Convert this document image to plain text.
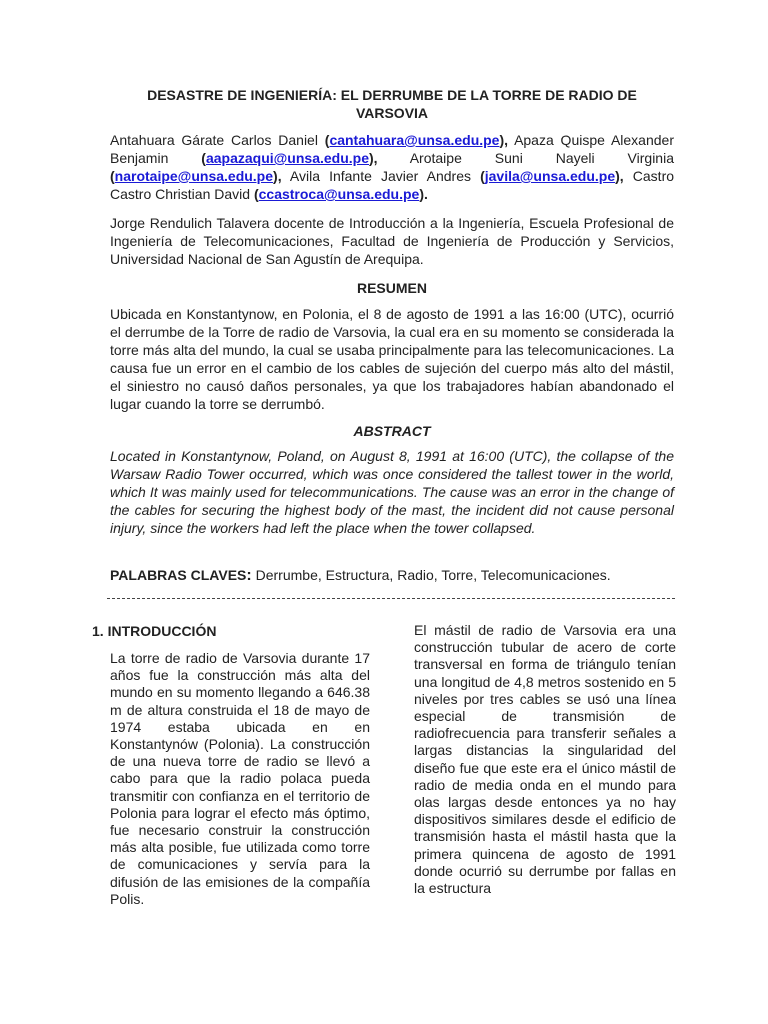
DESASTRE DE INGENIERÍA: EL DERRUMBE DE LA TORRE DE RADIO DE VARSOVIA
Antahuara Gárate Carlos Daniel (cantahuara@unsa.edu.pe), Apaza Quispe Alexander Benjamin (aapazaqui@unsa.edu.pe), Arotaipe Suni Nayeli Virginia (narotaipe@unsa.edu.pe), Avila Infante Javier Andres (javila@unsa.edu.pe), Castro Castro Christian David (ccastroca@unsa.edu.pe).
Jorge Rendulich Talavera docente de Introducción a la Ingeniería, Escuela Profesional de Ingeniería de Telecomunicaciones, Facultad de Ingeniería de Producción y Servicios, Universidad Nacional de San Agustín de Arequipa.
RESUMEN
Ubicada en Konstantynow, en Polonia, el 8 de agosto de 1991 a las 16:00 (UTC), ocurrió el derrumbe de la Torre de radio de Varsovia, la cual era en su momento se considerada la torre más alta del mundo, la cual se usaba principalmente para las telecomunicaciones. La causa fue un error en el cambio de los cables de sujeción del cuerpo más alto del mástil, el siniestro no causó daños personales, ya que los trabajadores habían abandonado el lugar cuando la torre se derrumbó.
ABSTRACT
Located in Konstantynow, Poland, on August 8, 1991 at 16:00 (UTC), the collapse of the Warsaw Radio Tower occurred, which was once considered the tallest tower in the world, which It was mainly used for telecommunications. The cause was an error in the change of the cables for securing the highest body of the mast, the incident did not cause personal injury, since the workers had left the place when the tower collapsed.
PALABRAS CLAVES: Derrumbe, Estructura, Radio, Torre, Telecomunicaciones.
1. INTRODUCCIÓN
La torre de radio de Varsovia durante 17 años fue la construcción más alta del mundo en su momento llegando a 646.38 m de altura construida el 18 de mayo de 1974 estaba ubicada en en Konstantynów (Polonia). La construcción de una nueva torre de radio se llevó a cabo para que la radio polaca pueda transmitir con confianza en el territorio de Polonia para lograr el efecto más óptimo, fue necesario construir la construcción más alta posible, fue utilizada como torre de comunicaciones y servía para la difusión de las emisiones de la compañía Polis.
El mástil de radio de Varsovia era una construcción tubular de acero de corte transversal en forma de triángulo tenían una longitud de 4,8 metros sostenido en 5 niveles por tres cables se usó una línea especial de transmisión de radiofrecuencia para transferir señales a largas distancias la singularidad del diseño fue que este era el único mástil de radio de media onda en el mundo para olas largas desde entonces ya no hay dispositivos similares desde el edificio de transmisión hasta el mástil hasta que la primera quincena de agosto de 1991 donde ocurrió su derrumbe por fallas en la estructura
